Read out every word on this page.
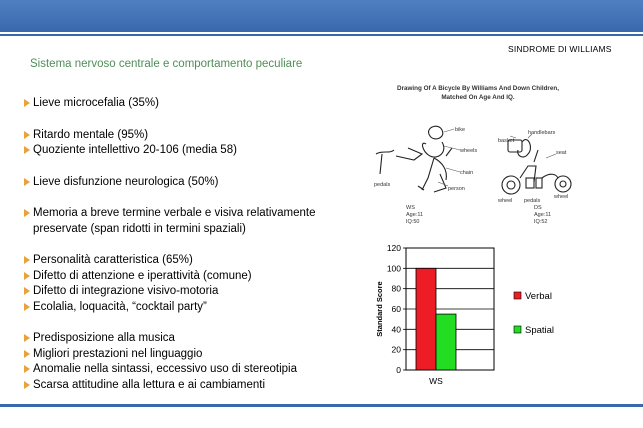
Sistema nervoso centrale e comportamento peculiare
SINDROME DI WILLIAMS
Lieve microcefalia (35%)
Ritardo mentale (95%)
Quoziente intellettivo 20-106 (media 58)
Lieve disfunzione neurologica (50%)
Memoria a breve termine verbale e visiva relativamente preservate (span ridotti in termini spaziali)
Personalità caratteristica (65%)
Difetto di attenzione e iperattività (comune)
Difetto di integrazione visivo-motoria
Ecolalia, loquacità, “cocktail party”
Predisposizione alla musica
Migliori prestazioni nel linguaggio
Anomalie nella sintassi, eccessivo uso di stereotipia
Scarsa attitudine alla lettura e ai cambiamenti
Drawing Of A Bicycle By Williams And Down Children,
Matched On Age And IQ.
bike
wheels
chain
person
pedals
WS
Age:11
IQ:50
basket
handlebars
seat
wheel pedals
wheel
DS
Age:11
IQ:52
0
20
40
60
80
100
120
WS
Standard Score	Verbal
Spatial
